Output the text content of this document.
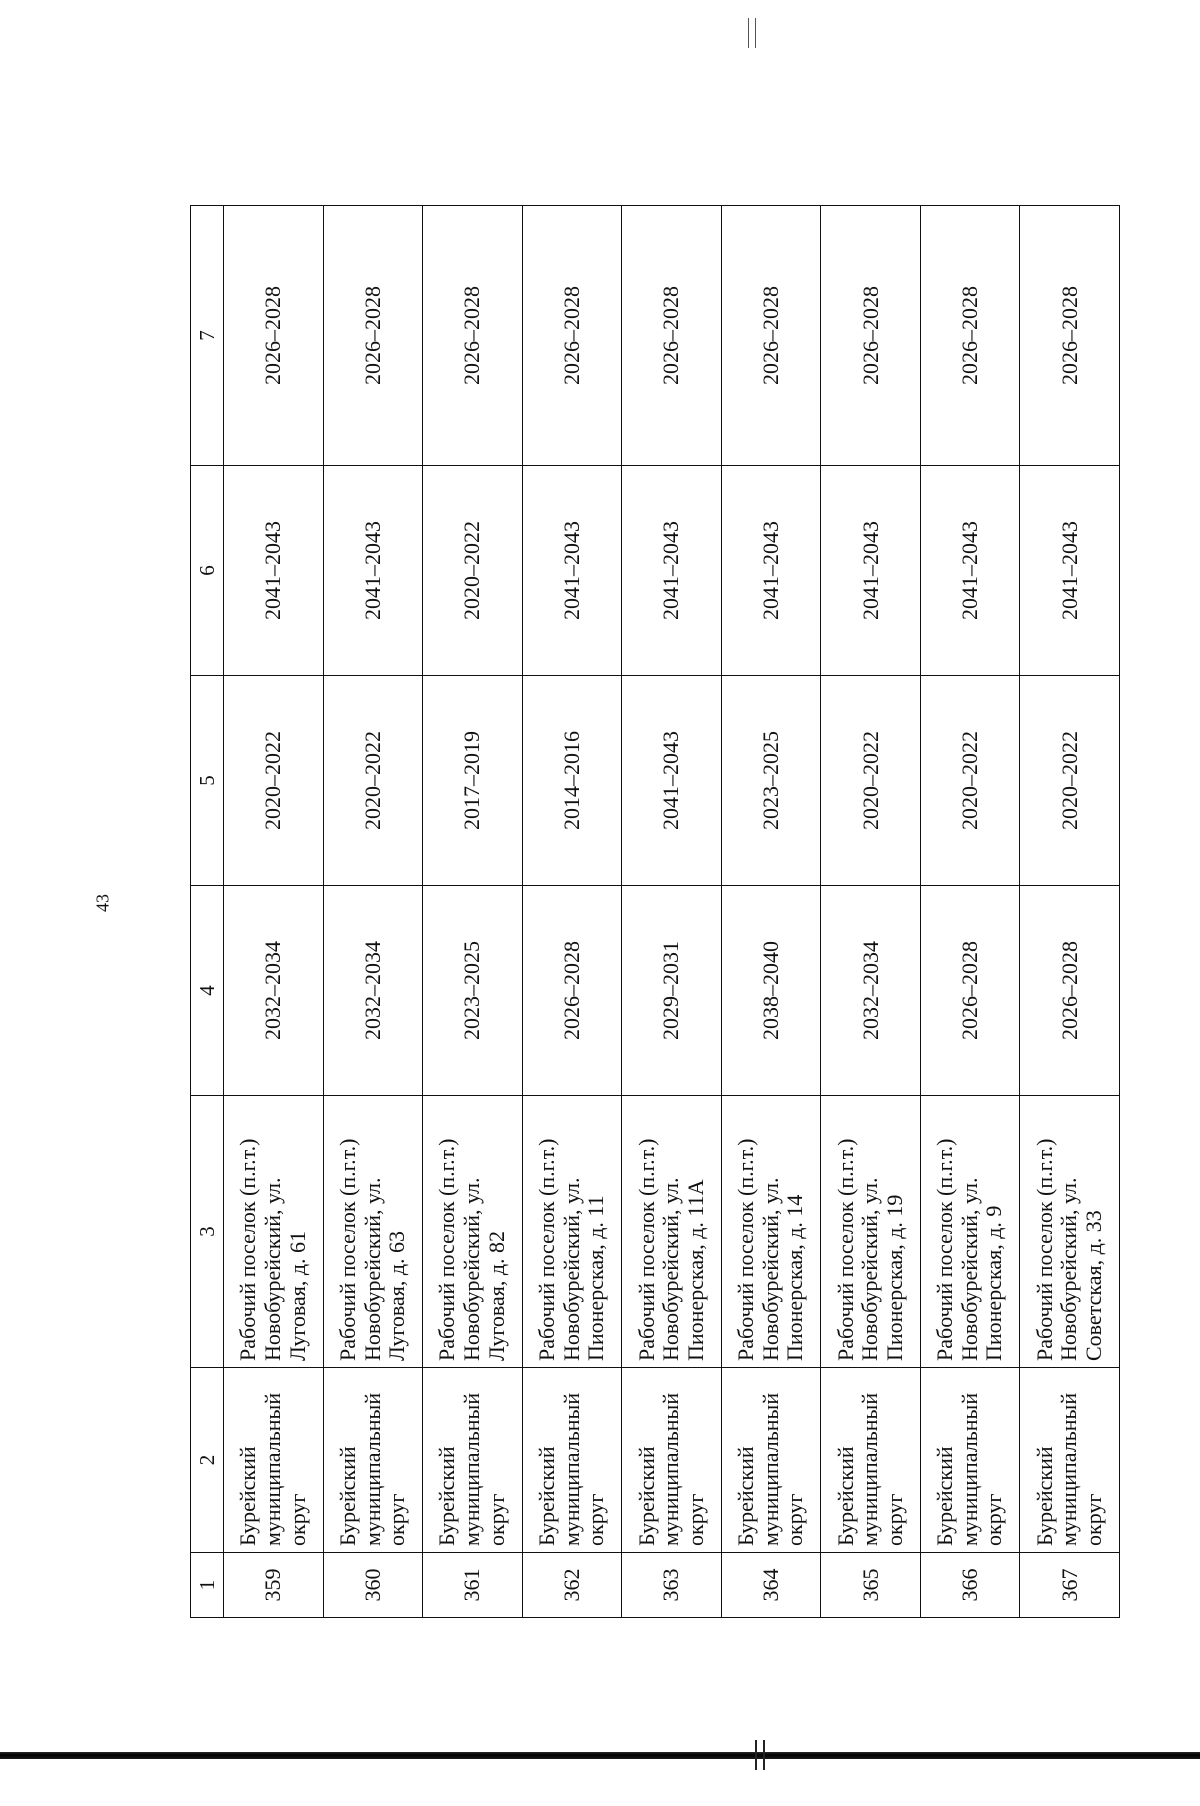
43
1	2	3	4	5	6	7
359	Бурейский муниципальный округ	Рабочий поселок (п.г.т.) Новобурейский, ул. Луговая, д. 61	2032–2034	2020–2022	2041–2043	2026–2028
360	Бурейский муниципальный округ	Рабочий поселок (п.г.т.) Новобурейский, ул. Луговая, д. 63	2032–2034	2020–2022	2041–2043	2026–2028
361	Бурейский муниципальный округ	Рабочий поселок (п.г.т.) Новобурейский, ул. Луговая, д. 82	2023–2025	2017–2019	2020–2022	2026–2028
362	Бурейский муниципальный округ	Рабочий поселок (п.г.т.) Новобурейский, ул. Пионерская, д. 11	2026–2028	2014–2016	2041–2043	2026–2028
363	Бурейский муниципальный округ	Рабочий поселок (п.г.т.) Новобурейский, ул. Пионерская, д. 11А	2029–2031	2041–2043	2041–2043	2026–2028
364	Бурейский муниципальный округ	Рабочий поселок (п.г.т.) Новобурейский, ул. Пионерская, д. 14	2038–2040	2023–2025	2041–2043	2026–2028
365	Бурейский муниципальный округ	Рабочий поселок (п.г.т.) Новобурейский, ул. Пионерская, д. 19	2032–2034	2020–2022	2041–2043	2026–2028
366	Бурейский муниципальный округ	Рабочий поселок (п.г.т.) Новобурейский, ул. Пионерская, д. 9	2026–2028	2020–2022	2041–2043	2026–2028
367	Бурейский муниципальный округ	Рабочий поселок (п.г.т.) Новобурейский, ул. Советская, д. 33	2026–2028	2020–2022	2041–2043	2026–2028
